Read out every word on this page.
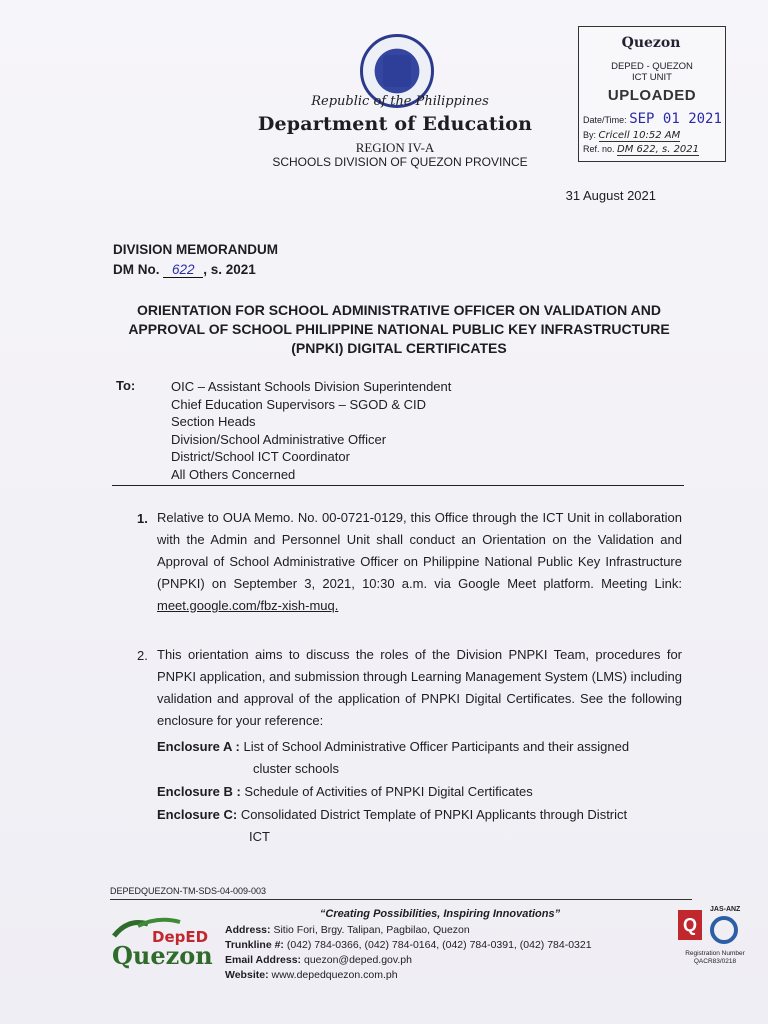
Republic of the Philippines
Department of Education
REGION IV-A
SCHOOLS DIVISION OF QUEZON PROVINCE
Quezon
DEPED - QUEZON
ICT UNIT
UPLOADED
Date/Time: SEP 01 2021
By: Cricell 10:52 AM
Ref. no. DM 622, s. 2021
31 August 2021
DIVISION MEMORANDUM
DM No. 622 , s. 2021
ORIENTATION FOR SCHOOL ADMINISTRATIVE OFFICER ON VALIDATION AND APPROVAL OF SCHOOL PHILIPPINE NATIONAL PUBLIC KEY INFRASTRUCTURE (PNPKI) DIGITAL CERTIFICATES
To:	OIC – Assistant Schools Division Superintendent
Chief Education Supervisors – SGOD & CID
Section Heads
Division/School Administrative Officer
District/School ICT Coordinator
All Others Concerned
1. Relative to OUA Memo. No. 00-0721-0129, this Office through the ICT Unit in collaboration with the Admin and Personnel Unit shall conduct an Orientation on the Validation and Approval of School Administrative Officer on Philippine National Public Key Infrastructure (PNPKI) on September 3, 2021, 10:30 a.m. via Google Meet platform. Meeting Link: meet.google.com/fbz-xish-muq.
2. This orientation aims to discuss the roles of the Division PNPKI Team, procedures for PNPKI application, and submission through Learning Management System (LMS) including validation and approval of the application of PNPKI Digital Certificates. See the following enclosure for your reference:
Enclosure A : List of School Administrative Officer Participants and their assigned
cluster schools
Enclosure B : Schedule of Activities of PNPKI Digital Certificates
Enclosure C: Consolidated District Template of PNPKI Applicants through District
ICT
DEPEDQUEZON-TM-SDS-04-009-003
DepED
Quezon
“Creating Possibilities, Inspiring Innovations”
Address: Sitio Fori, Brgy. Talipan, Pagbilao, Quezon
Trunkline #: (042) 784-0366, (042) 784-0164, (042) 784-0391, (042) 784-0321
Email Address: quezon@deped.gov.ph
Website: www.depedquezon.com.ph
JAS-ANZ
Q
Registration Number
QACR83/0218
